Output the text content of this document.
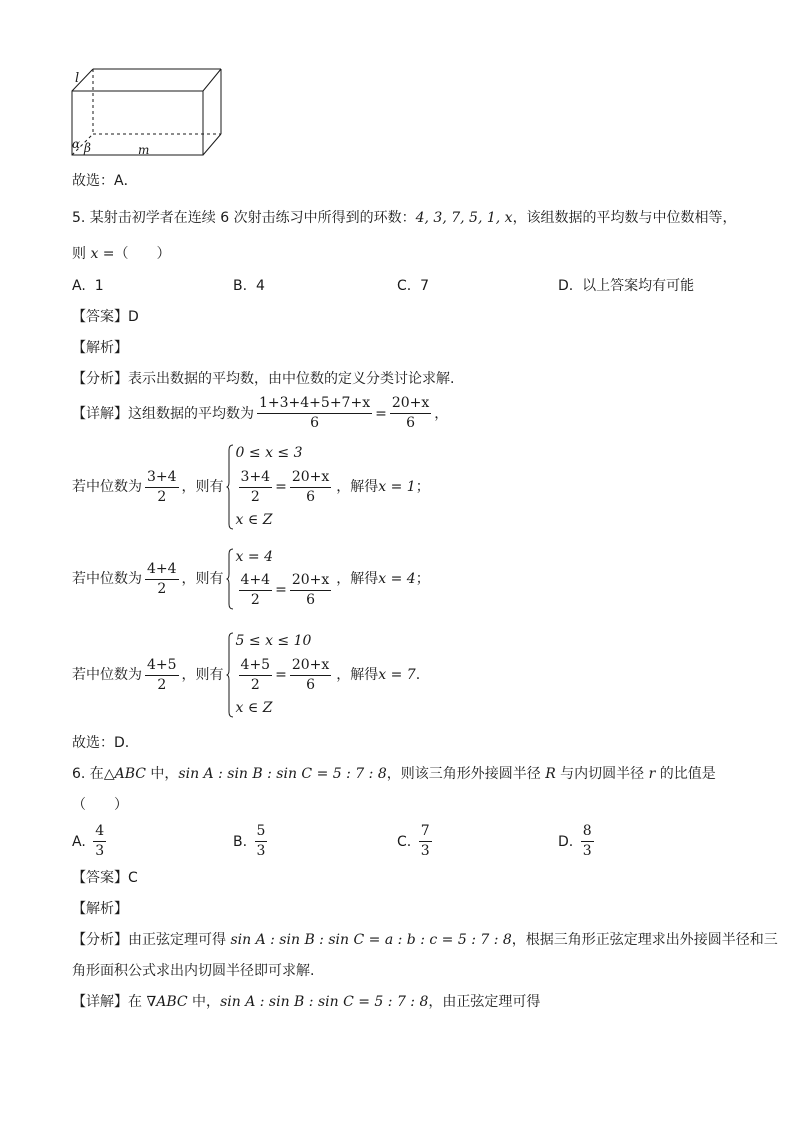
l
α β	m
故选：A．
5. 某射击初学者在连续 6 次射击练习中所得到的环数：4, 3, 7, 5, 1, x，该组数据的平均数与中位数相等，
则 x =（　　）
A. 1	B. 4	C. 7	D. 以上答案均有可能
【答案】D
【解析】
【分析】表示出数据的平均数，由中位数的定义分类讨论求解.
【详解】 这组数据的平均数为 $\frac{1+3+4+5+7+x}{6} = \frac{20+x}{6}$ ，
若中位数为 $\frac{3+4}{2}$ ，则有
0 ≤ x ≤ 3
$\frac{3+4}{2} = \frac{20+x}{6}$
x ∈ Z
，解得 x = 1 ；
若中位数为 $\frac{4+4}{2}$ ，则有
x = 4
$\frac{4+4}{2} = \frac{20+x}{6}$ ，解得 x = 4 ；
若中位数为 $\frac{4+5}{2}$ ，则有
5 ≤ x ≤ 10
$\frac{4+5}{2} = \frac{20+x}{6}$
x ∈ Z
，解得 x = 7 .
故选：D.
6. 在△ABC 中，sin A : sin B : sin C = 5 : 7 : 8，则该三角形外接圆半径 R 与内切圆半径 r 的比值是
（　　）
A.
$\frac{4}{3}$	B.
$\frac{5}{3}$	C.
$\frac{7}{3}$	D.
$\frac{8}{3}$
【答案】C
【解析】
【分析】由正弦定理可得 sin A : sin B : sin C = a : b : c = 5 : 7 : 8，根据三角形正弦定理求出外接圆半径和三
角形面积公式求出内切圆半径即可求解.
【详解】在 ∇ABC 中，sin A : sin B : sin C = 5 : 7 : 8，由正弦定理可得
